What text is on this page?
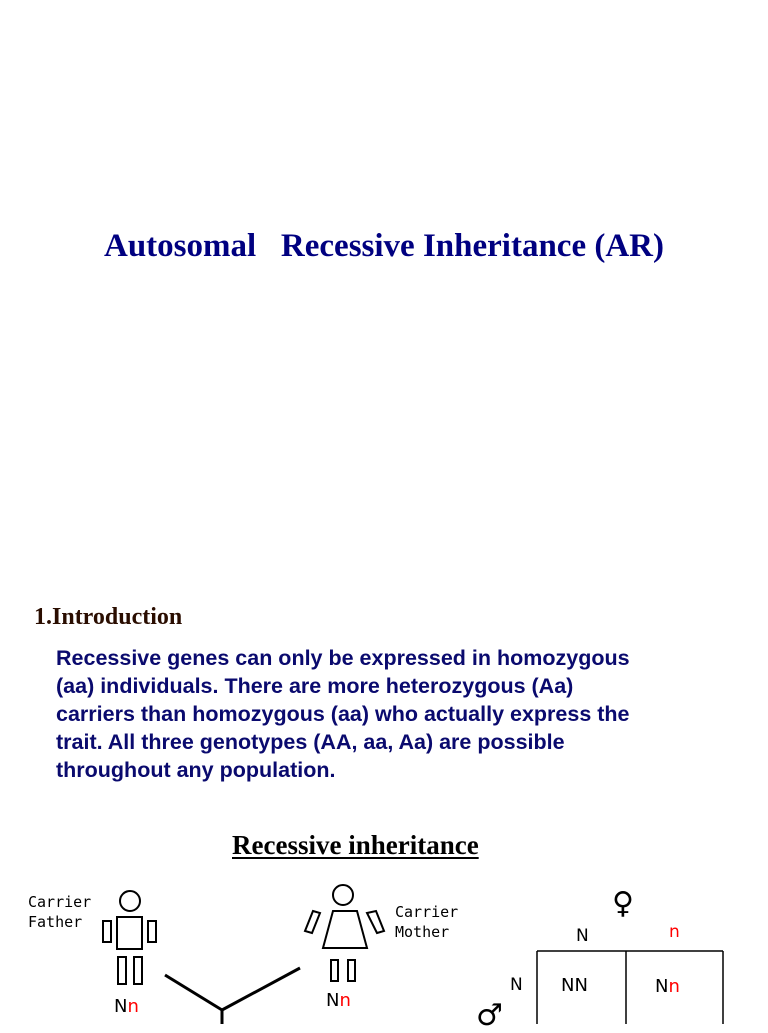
Autosomal   Recessive Inheritance (AR)
1.Introduction
Recessive genes can only be expressed in homozygous
(aa) individuals. There are more heterozygous (Aa)
carriers than homozygous (aa) who actually express the
trait. All three genotypes (AA, aa, Aa) are possible
throughout any population.
Recessive inheritance
Carrier
Father
Nn
Carrier
Mother
Nn
♀
N	n
N
♂
NN	Nn
